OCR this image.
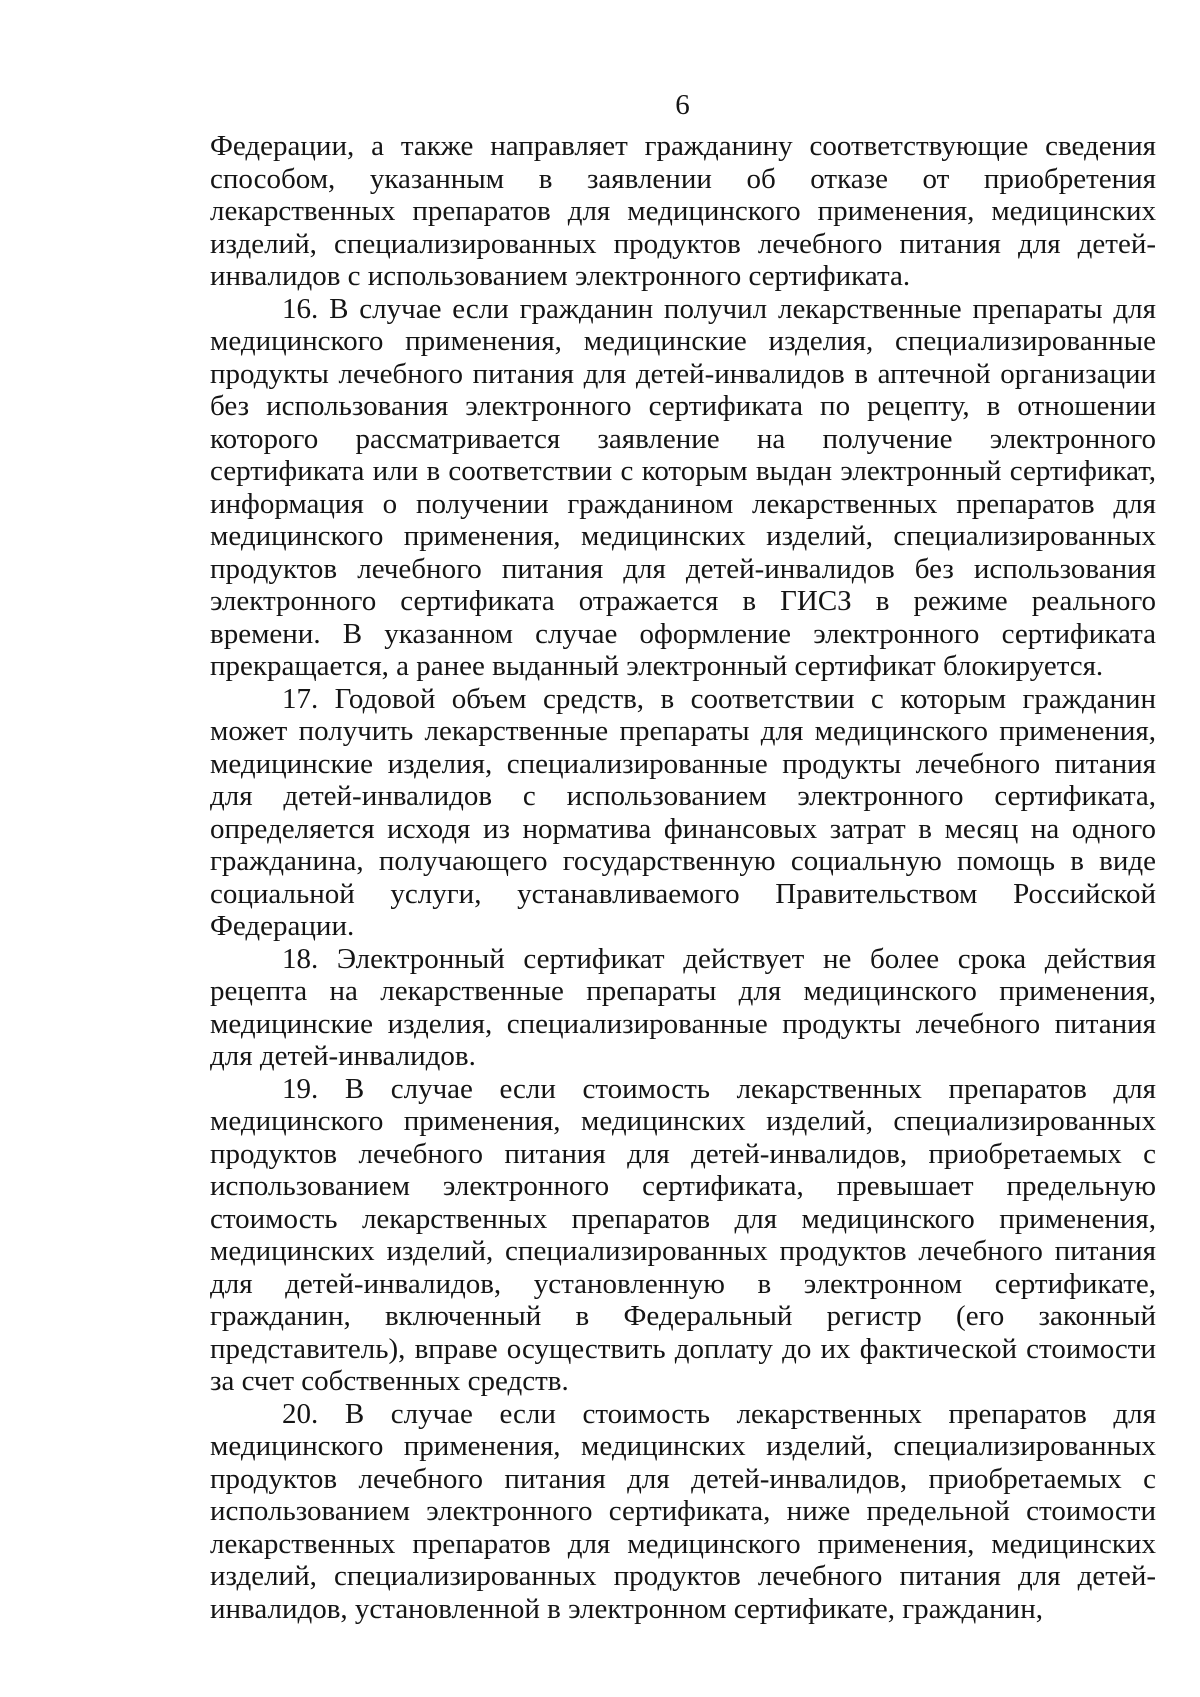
6

Федерации, а также направляет гражданину соответствующие сведения способом, указанным в заявлении об отказе от приобретения лекарственных препаратов для медицинского применения, медицинских изделий, специализированных продуктов лечебного питания для детей-инвалидов с использованием электронного сертификата.

16. В случае если гражданин получил лекарственные препараты для медицинского применения, медицинские изделия, специализированные продукты лечебного питания для детей-инвалидов в аптечной организации без использования электронного сертификата по рецепту, в отношении которого рассматривается заявление на получение электронного сертификата или в соответствии с которым выдан электронный сертификат, информация о получении гражданином лекарственных препаратов для медицинского применения, медицинских изделий, специализированных продуктов лечебного питания для детей-инвалидов без использования электронного сертификата отражается в ГИСЗ в режиме реального времени. В указанном случае оформление электронного сертификата прекращается, а ранее выданный электронный сертификат блокируется.

17. Годовой объем средств, в соответствии с которым гражданин может получить лекарственные препараты для медицинского применения, медицинские изделия, специализированные продукты лечебного питания для детей-инвалидов с использованием электронного сертификата, определяется исходя из норматива финансовых затрат в месяц на одного гражданина, получающего государственную социальную помощь в виде социальной услуги, устанавливаемого Правительством Российской Федерации.

18. Электронный сертификат действует не более срока действия рецепта на лекарственные препараты для медицинского применения, медицинские изделия, специализированные продукты лечебного питания для детей-инвалидов.

19. В случае если стоимость лекарственных препаратов для медицинского применения, медицинских изделий, специализированных продуктов лечебного питания для детей-инвалидов, приобретаемых с использованием электронного сертификата, превышает предельную стоимость лекарственных препаратов для медицинского применения, медицинских изделий, специализированных продуктов лечебного питания для детей-инвалидов, установленную в электронном сертификате, гражданин, включенный в Федеральный регистр (его законный представитель), вправе осуществить доплату до их фактической стоимости за счет собственных средств.

20. В случае если стоимость лекарственных препаратов для медицинского применения, медицинских изделий, специализированных продуктов лечебного питания для детей-инвалидов, приобретаемых с использованием электронного сертификата, ниже предельной стоимости лекарственных препаратов для медицинского применения, медицинских изделий, специализированных продуктов лечебного питания для детей-инвалидов, установленной в электронном сертификате, гражданин,
